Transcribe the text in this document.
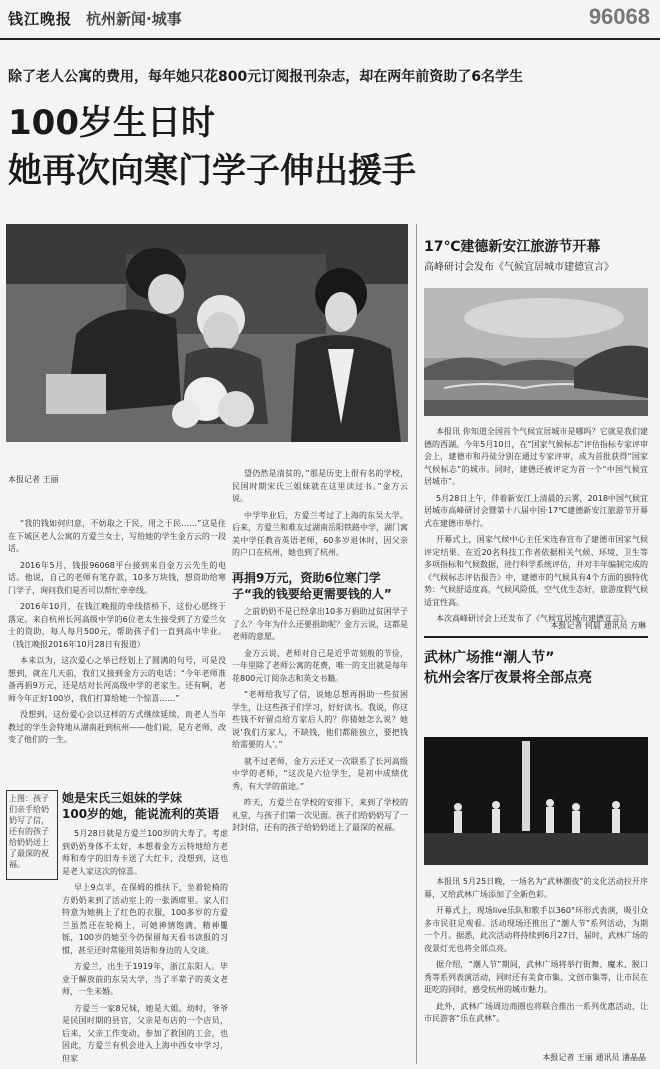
钱江晚报 杭州新闻·城事	96068
除了老人公寓的费用，每年她只花800元订阅报刊杂志，却在两年前资助了6名学生
100岁生日时
她再次向寒门学子伸出援手
本报记者 王丽

“我的钱如何归意，不妨取之于民，用之于民……”这是住在下城区老人公寓的方爱兰女士，写给她的学生金方云的一段话。

2016年5月，钱报96068平台接到来自金方云先生的电话。他说，自己的老师有笔存款，10多万块钱，想资助给寒门学子，询问我们是否可以帮忙牵牵线。

2016年10月，在钱江晚报的牵线搭桥下，这份心愿终于落定。来自杭州长河高级中学的6位老太生接受到了方爱兰女士的资助，每人每月500元，帮助孩子们一直到高中毕业。（钱江晚报2016年10月28日有报道）

本来以为，这次爱心之举已经划上了圆满的句号，可是没想到，就在几天前，我们又接到金方云的电话：“今年老师准备再捐9万元，还是结对长河高级中学的老家生。还有啊，老师今年正好100岁，我们打算给她一个惊喜……”

没想到，这份爱心会以这样的方式继续延续，而老人当年教过的学生会特地从湖南赶到杭州——他们说，是方老师，改变了他们的一生。

望仍然是清贫的，”那是历史上很有名的学校，民国时期宋氏三姐妹就在这里读过书。”金方云说。

中学毕业后，方爱兰考过了上海的东吴大学。后来，方爱兰和难友过湖南岳阳铁路中学，湖门寓美中学任教音英语老师，60多岁退休时，因父亲的户口在杭州，她也到了杭州。

再捐9万元，资助6位寒门学子“我的钱要给更需要钱的人”

之前奶奶不是已经拿出10多万捐助过贫困学子了么？今年为什么还要捐助呢？金方云说，这都是老师的意愿。

金方云说，老师对自己是近乎苛刻般的节俭，一年里除了老师公寓的花费，唯一的支出就是每年花800元订阅杂志和英文书籍。

“老师给我写了信，说她总想再捐助一些贫困学生，让这些孩子们学习，好好读书。我说，你这些钱不好留点给方家后人的？你猜她怎么说？她说‘我们方家人，不缺钱，他们都能独立，要把钱给需要的人’。”

就不过老师，金方云还又一次联系了长河高级中学的老师，“这次是六位学生，是初中成绩优秀，有大学的前途。”

昨天，方爱兰在学校的安排下，来到了学校的礼堂，与孩子们第一次见面。孩子们给奶奶写了一封封信，还有的孩子给奶奶送上了最深的祝福。

上图：孩子们亲手给奶奶写了信，还有的孩子给奶奶送上了最深的祝福。
她是宋氏三姐妹的学妹
100岁的她，能说流利的英语

5月28日就是方爱兰100岁的大寿了。考虑到奶奶身体不太好，本想着金方云特地给方老师和寿字的旧寿卡送了大红卡，没想到，这也是老人家这次的惊喜。

早上9点半，在保姆的推扶下，坐着轮椅的方奶奶来到了活动室上的一张酒席里。家人们特意为她挑上了红色的衣服，100多岁的方爱兰虽然还在轮椅上，可她神情饱满，精神矍铄，100岁的她至今仍保留每天看书读报的习惯，甚至还时常能用英语和身边的人交谈。

方爱兰，出生于1919年，浙江东阳人。毕业于解放前的东吴大学，当了半辈子的英文老师，一生未婚。

方爱兰一家8兄妹，她是大姐。幼时，爷爷是民国时期的县官，父亲是布店的一个店员，后来，父亲工作变动，参加了救国的工会，也因此，方爱兰有机会进入上海中西女中学习，但家

17℃建德新安江旅游节开幕
高峰研讨会发布《气候宜居城市建德宣言》

本报讯 你知道全国首个气候宜居城市是哪吗？它就是我们建德的西湖。今年5月10日，在“国家气候标志”评估指标专家评审会上，建德市和丹徒分别在通过专家评审，成为首批获得“国家气候标志”的城市。同时，建德还被评定为首一个“中国气候宜居城市”。

5月28日上午，伴着新安江上清晨的云雾，2018中国气候宜居城市高峰研讨会暨第十八届中国·17℃建德新安江旅游节开幕式在建德市举行。

开幕式上，国家气候中心主任宋连春宣布了建德市国家气候评定结果。在近20名科技工作者依据相关气候、环境、卫生等多项指标和气候数据，进行科学系统评估，并对丰年编制完成的《气候标志评估报告》中，建德市的气候具有4个方面的独特优势：气候舒适度高，气候风险低，空气优生态好，旅游度假气候适宜性高。

本次高峰研讨会上还发布了《气候宜居城市建德宣言》。

本报记者 何晨 通讯员 方琳
武林广场推“潮人节”
杭州会客厅夜景将全部点亮

本报讯 5月25日晚，一场名为“武林潮夜”的文化活动拉开序幕，又给武林广场添加了全新色彩。

开幕式上，现场live乐队和歌手以360°环形式表演，吸引众多市民驻足观看。活动现场还推出了“潮人节”系列活动，为期一个月。据悉，此次活动将持续到6月27日，届时，武林广场的夜景灯光也将全部点亮。

据介绍，“潮人节”期间，武林广场将举行街舞、魔术、脱口秀等系列表演活动，同时还有美食市集、文创市集等，让市民在逛吃的同时，感受杭州的城市魅力。

此外，武林广场周边商圈也将联合推出一系列优惠活动，让市民游客“乐在武林”。

本报记者 王丽 通讯员 潘晶晶
